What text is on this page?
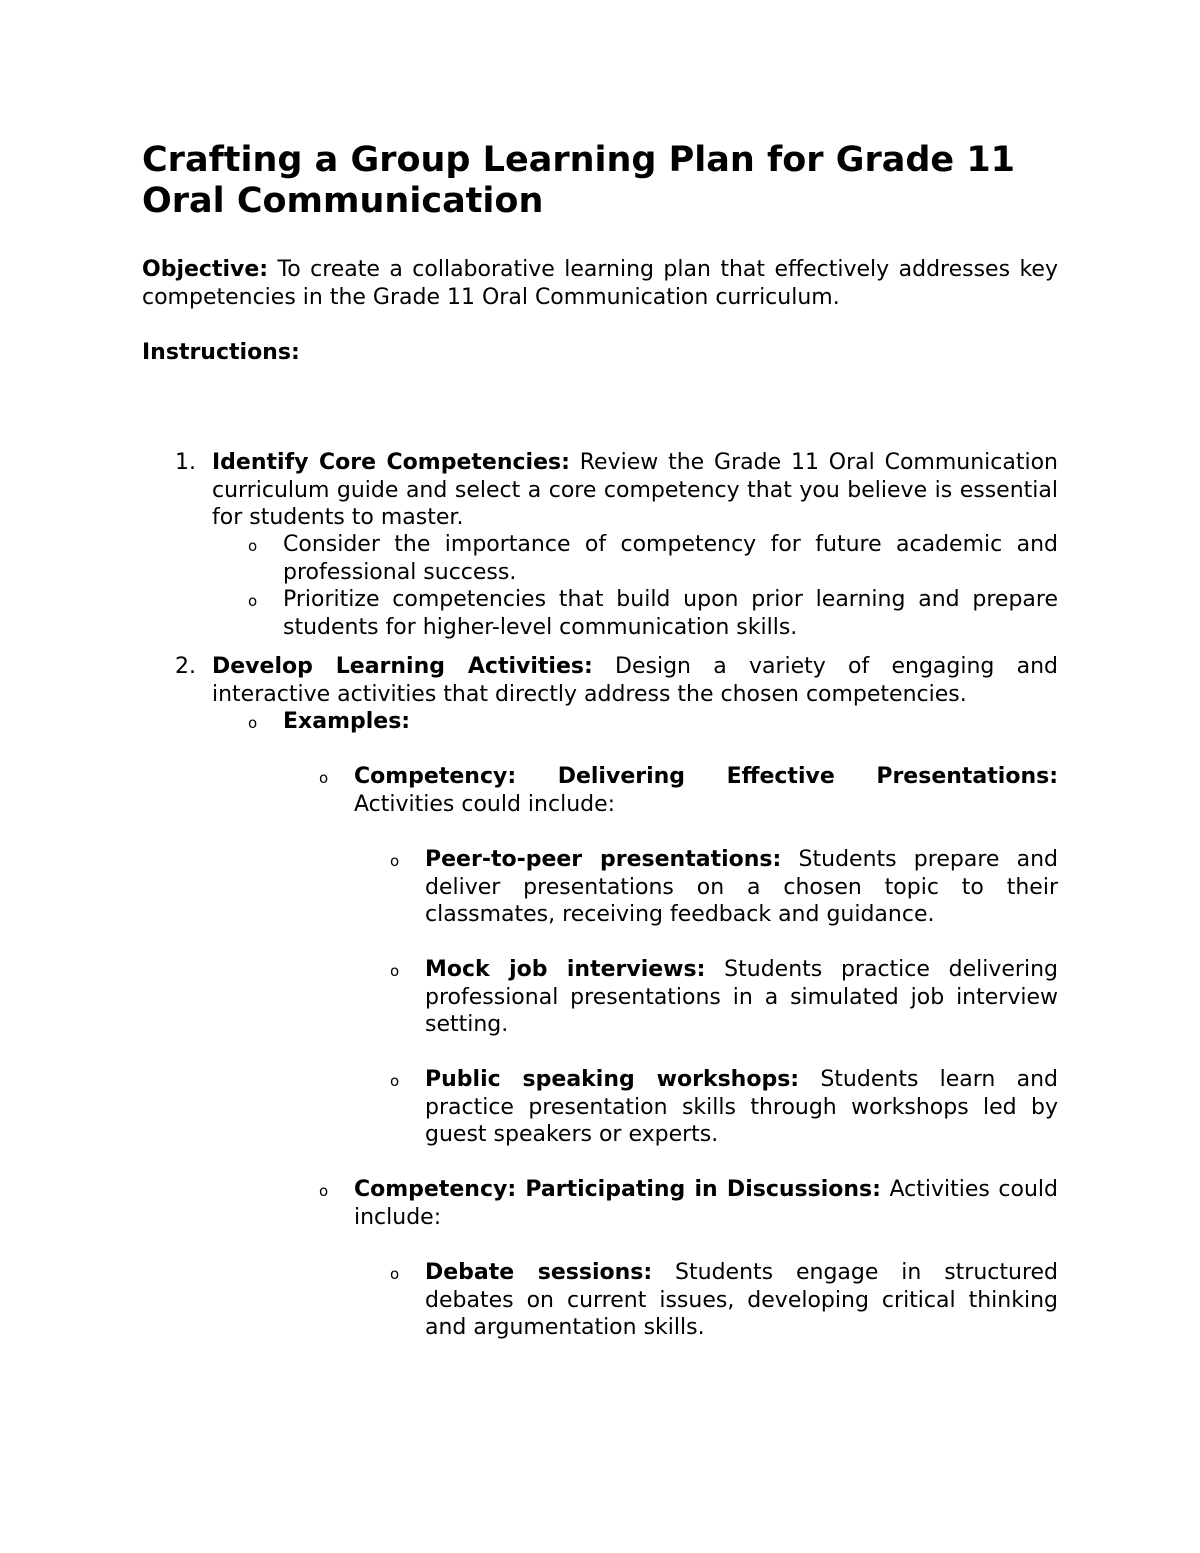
Crafting a Group Learning Plan for Grade 11 Oral Communication

Objective: To create a collaborative learning plan that effectively addresses key competencies in the Grade 11 Oral Communication curriculum.

Instructions:

1. Identify Core Competencies: Review the Grade 11 Oral Communication curriculum guide and select a core competency that you believe is essential for students to master.

o Consider the importance of competency for future academic and professional success.

o Prioritize competencies that build upon prior learning and prepare students for higher-level communication skills.

2. Develop Learning Activities: Design a variety of engaging and interactive activities that directly address the chosen competencies.

o Examples:

o Competency: Delivering Effective Presentations: Activities could include:

o Peer-to-peer presentations: Students prepare and deliver presentations on a chosen topic to their classmates, receiving feedback and guidance.

o Mock job interviews: Students practice delivering professional presentations in a simulated job interview setting.

o Public speaking workshops: Students learn and practice presentation skills through workshops led by guest speakers or experts.

o Competency: Participating in Discussions: Activities could include:

o Debate sessions: Students engage in structured debates on current issues, developing critical thinking and argumentation skills.
